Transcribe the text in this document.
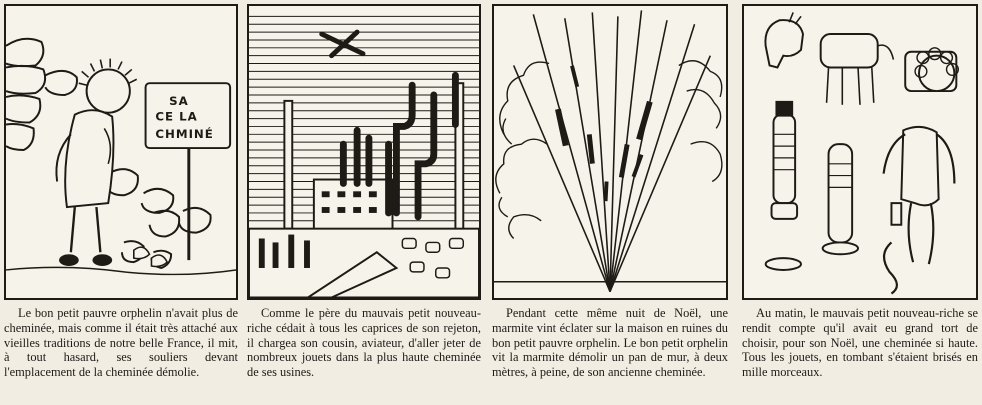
SA
CE LA
CHMINÉ

Le bon petit pauvre orphelin n'avait plus de cheminée, mais comme il était très attaché aux vieilles traditions de notre belle France, il mit, à tout hasard, ses souliers devant l'emplacement de la cheminée démolie.

Comme le père du mauvais petit nouveau-riche cédait à tous les caprices de son rejeton, il chargea son cousin, aviateur, d'aller jeter de nombreux jouets dans la plus haute cheminée de ses usines.

Pendant cette même nuit de Noël, une marmite vint éclater sur la maison en ruines du bon petit pauvre orphelin. Le bon petit orphelin vit la marmite démolir un pan de mur, à deux mètres, à peine, de son ancienne cheminée.

Au matin, le mauvais petit nouveau-riche se rendit compte qu'il avait eu grand tort de choisir, pour son Noël, une cheminée si haute. Tous les jouets, en tombant s'étaient brisés en mille morceaux.
